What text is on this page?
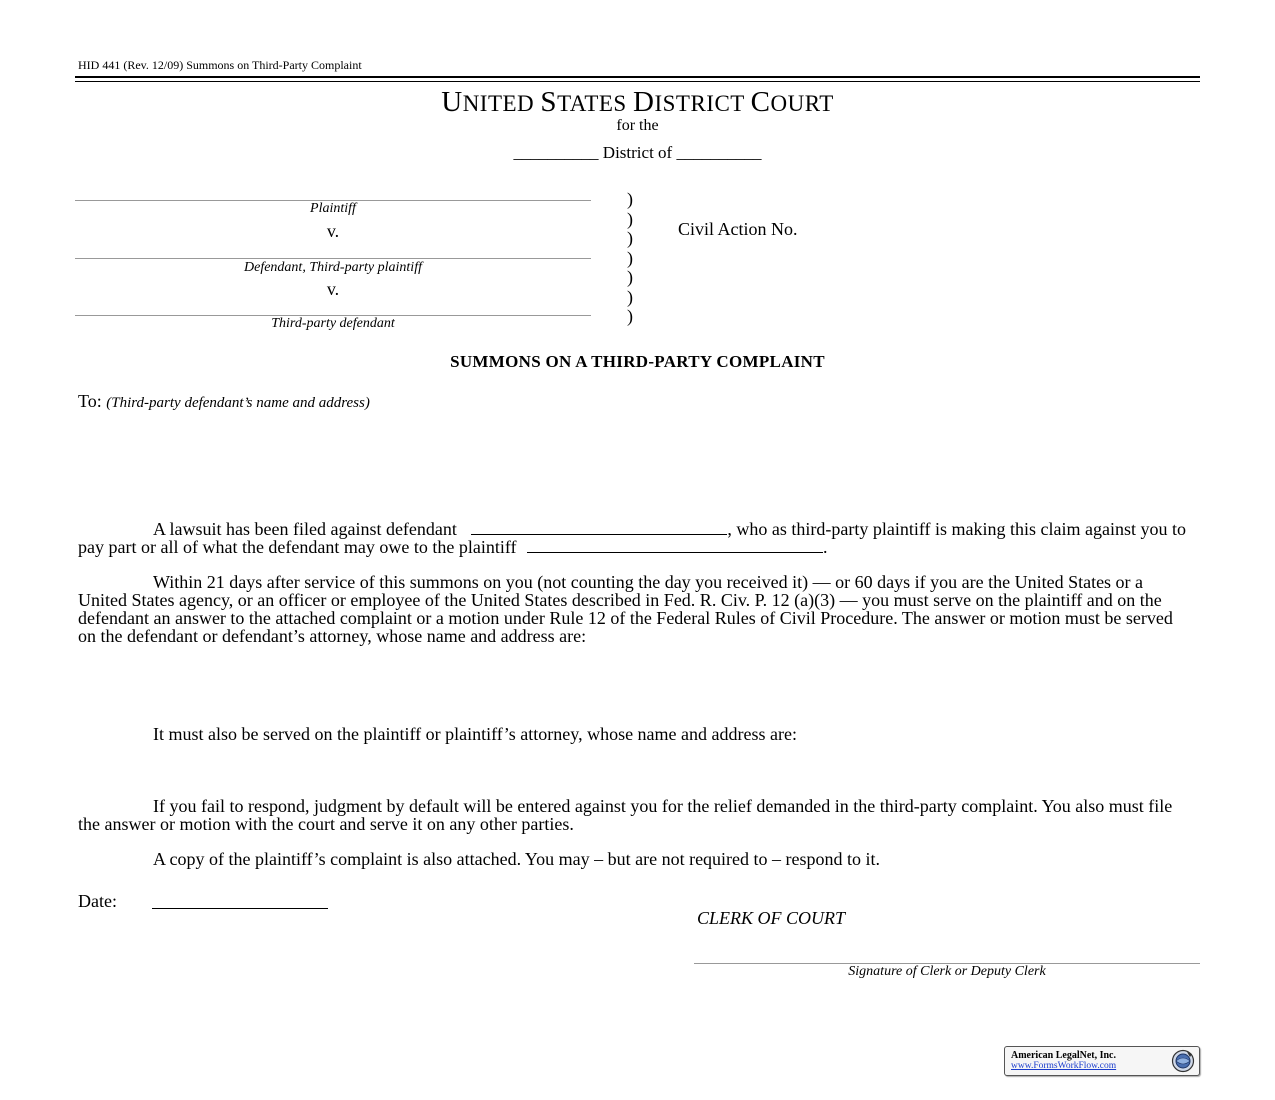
HID 441 (Rev. 12/09) Summons on Third-Party Complaint
UNITED STATES DISTRICT COURT
for the
__________ District of __________
Plaintiff
v.
Defendant, Third-party plaintiff
v.
Third-party defendant
)
)
)
)
)
)
)
Civil Action No.
SUMMONS ON A THIRD-PARTY COMPLAINT
To: (Third-party defendant’s name and address)
A lawsuit has been filed against defendant	, who as third-party plaintiff is making this claim against you to pay part or all of what the defendant may owe to the plaintiff	.
Within 21 days after service of this summons on you (not counting the day you received it) — or 60 days if you are the United States or a United States agency, or an officer or employee of the United States described in Fed. R. Civ. P. 12 (a)(3) — you must serve on the plaintiff and on the defendant an answer to the attached complaint or a motion under Rule 12 of the Federal Rules of Civil Procedure. The answer or motion must be served on the defendant or defendant’s attorney, whose name and address are:
It must also be served on the plaintiff or plaintiff’s attorney, whose name and address are:
If you fail to respond, judgment by default will be entered against you for the relief demanded in the third-party complaint. You also must file the answer or motion with the court and serve it on any other parties.
A copy of the plaintiff’s complaint is also attached. You may – but are not required to – respond to it.
Date:
CLERK OF COURT
Signature of Clerk or Deputy Clerk
American LegalNet, Inc.
www.FormsWorkFlow.com
